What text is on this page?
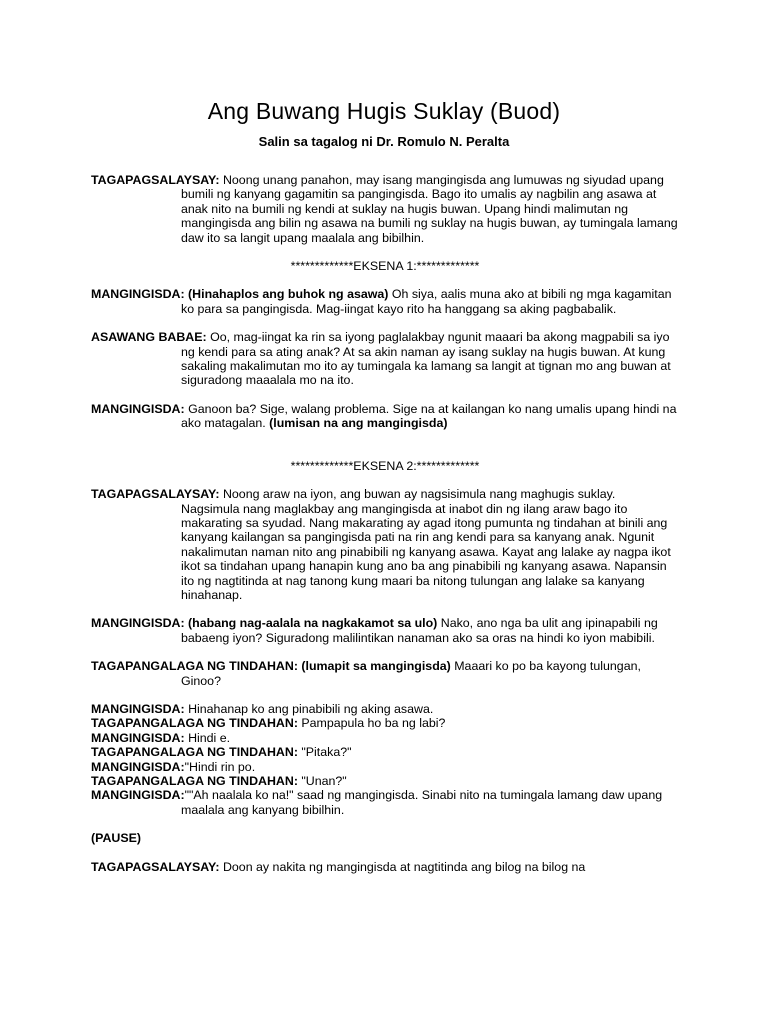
Ang Buwang Hugis Suklay (Buod)
Salin sa tagalog ni Dr. Romulo N. Peralta

TAGAPAGSALAYSAY: Noong unang panahon, may isang mangingisda ang lumuwas ng siyudad upang bumili ng kanyang gagamitin sa pangingisda. Bago ito umalis ay nagbilin ang asawa at anak nito na bumili ng kendi at suklay na hugis buwan. Upang hindi malimutan ng mangingisda ang bilin ng asawa na bumili ng suklay na hugis buwan, ay tumingala lamang daw ito sa langit upang maalala ang bibilhin.

*************EKSENA 1:*************

MANGINGISDA: (Hinahaplos ang buhok ng asawa) Oh siya, aalis muna ako at bibili ng mga kagamitan ko para sa pangingisda. Mag-iingat kayo rito ha hanggang sa aking pagbabalik.

ASAWANG BABAE: Oo, mag-iingat ka rin sa iyong paglalakbay ngunit maaari ba akong magpabili sa iyo ng kendi para sa ating anak? At sa akin naman ay isang suklay na hugis buwan. At kung sakaling makalimutan mo ito ay tumingala ka lamang sa langit at tignan mo ang buwan at siguradong maaalala mo na ito.

MANGINGISDA: Ganoon ba? Sige, walang problema. Sige na at kailangan ko nang umalis upang hindi na ako matagalan. (lumisan na ang mangingisda)

*************EKSENA 2:*************

TAGAPAGSALAYSAY: Noong araw na iyon, ang buwan ay nagsisimula nang maghugis suklay.

Nagsimula nang maglakbay ang mangingisda at inabot din ng ilang araw bago ito makarating sa syudad. Nang makarating ay agad itong pumunta ng tindahan at binili ang kanyang kailangan sa pangingisda pati na rin ang kendi para sa kanyang anak. Ngunit nakalimutan naman nito ang pinabibili ng kanyang asawa. Kayat ang lalake ay nagpa ikot ikot sa tindahan upang hanapin kung ano ba ang pinabibili ng kanyang asawa. Napansin ito ng nagtitinda at nag tanong kung maari ba nitong tulungan ang lalake sa kanyang hinahanap.

MANGINGISDA: (habang nag-aalala na nagkakamot sa ulo) Nako, ano nga ba ulit ang ipinapabili ng babaeng iyon? Siguradong malilintikan nanaman ako sa oras na hindi ko iyon mabibili.

TAGAPANGALAGA NG TINDAHAN: (lumapit sa mangingisda) Maaari ko po ba kayong tulungan, Ginoo?

MANGINGISDA: Hinahanap ko ang pinabibili ng aking asawa.

TAGAPANGALAGA NG TINDAHAN: Pampapula ho ba ng labi?

MANGINGISDA: Hindi e.

TAGAPANGALAGA NG TINDAHAN: "Pitaka?"

MANGINGISDA:"Hindi rin po.

TAGAPANGALAGA NG TINDAHAN: "Unan?"

MANGINGISDA:""Ah naalala ko na!" saad ng mangingisda. Sinabi nito na tumingala lamang daw upang maalala ang kanyang bibilhin.

(PAUSE)

TAGAPAGSALAYSAY: Doon ay nakita ng mangingisda at nagtitinda ang bilog na bilog na
